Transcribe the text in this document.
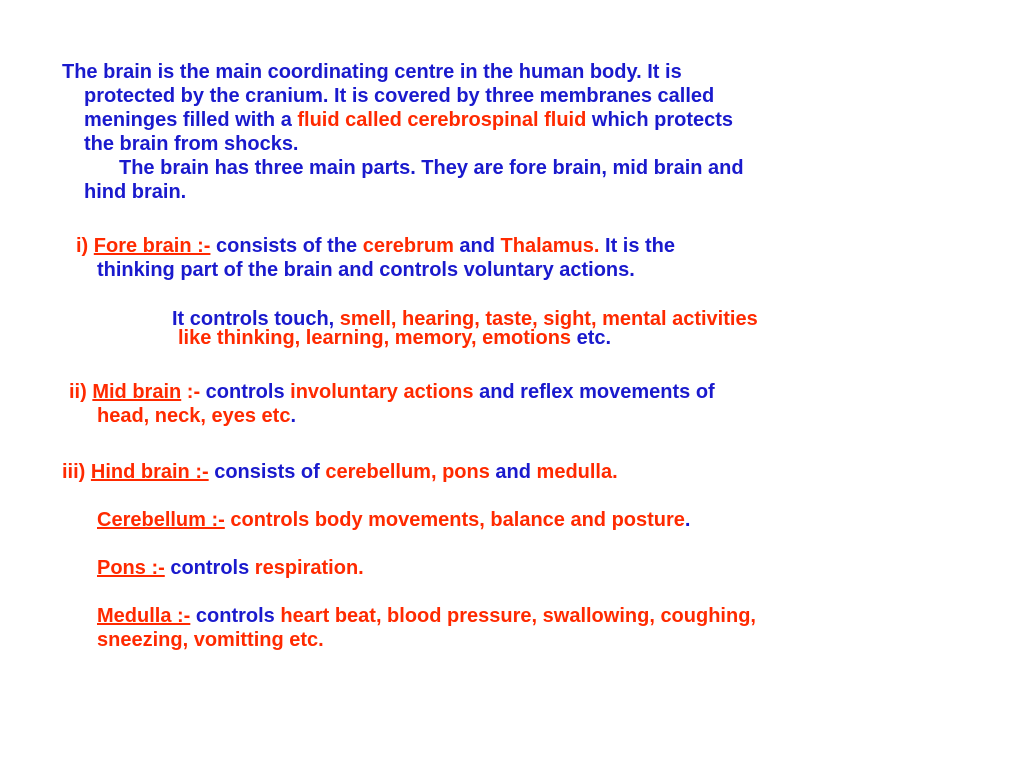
The brain is the main coordinating centre in the human body. It is
protected by the cranium. It is covered by three membranes called
meninges filled with a fluid called cerebrospinal fluid which protects
the brain from shocks.
The brain has three main parts. They are fore brain, mid brain and
hind brain.
i) Fore brain :- consists of the cerebrum and Thalamus. It is the
thinking part of the brain and controls voluntary actions.
It controls touch, smell, hearing, taste, sight, mental activities
like thinking, learning, memory, emotions etc.
ii) Mid brain :- controls involuntary actions and reflex movements of
head, neck, eyes etc.
iii) Hind brain :- consists of cerebellum, pons and medulla.
Cerebellum :- controls body movements, balance and posture.
Pons :- controls respiration.
Medulla :- controls heart beat, blood pressure, swallowing, coughing,
sneezing, vomitting etc.
